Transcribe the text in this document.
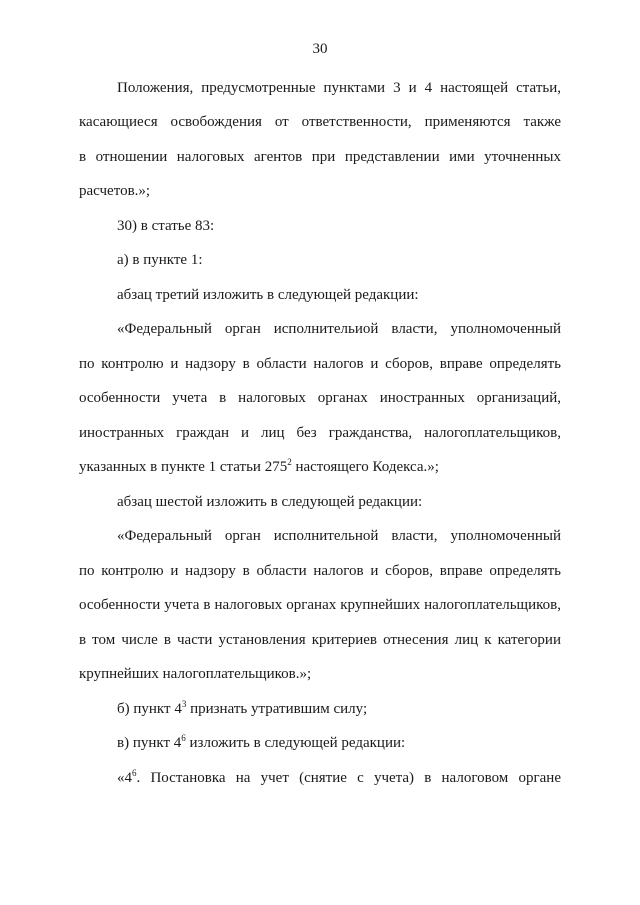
30
Положения, предусмотренные пунктами 3 и 4 настоящей статьи,
касающиеся освобождения от ответственности, применяются также
в отношении налоговых агентов при представлении ими уточненных
расчетов.»;
30) в статье 83:
а) в пункте 1:
абзац третий изложить в следующей редакции:
«Федеральный орган исполнительиой власти, уполномоченный
по контролю и надзору в области налогов и сборов, вправе определять
особенности учета в налоговых органах иностранных организаций,
иностранных граждан и лиц без гражданства, налогоплательщиков,
указанных в пункте 1 статьи $275^2$ настоящего Кодекса.»;
абзац шестой изложить в следующей редакции:
«Федеральный орган исполнительной власти, уполномоченный
по контролю и надзору в области налогов и сборов, вправе определять
особенности учета в налоговых органах крупнейших налогоплательщиков,
в том числе в части установления критериев отнесения лиц к категории
крупнейших налогоплательщиков.»;
б) пункт $4^3$ признать утратившим силу;
в) пункт $4^6$ изложить в следующей редакции:
«$4^6$. Постановка на учет (снятие с учета) в налоговом органе
